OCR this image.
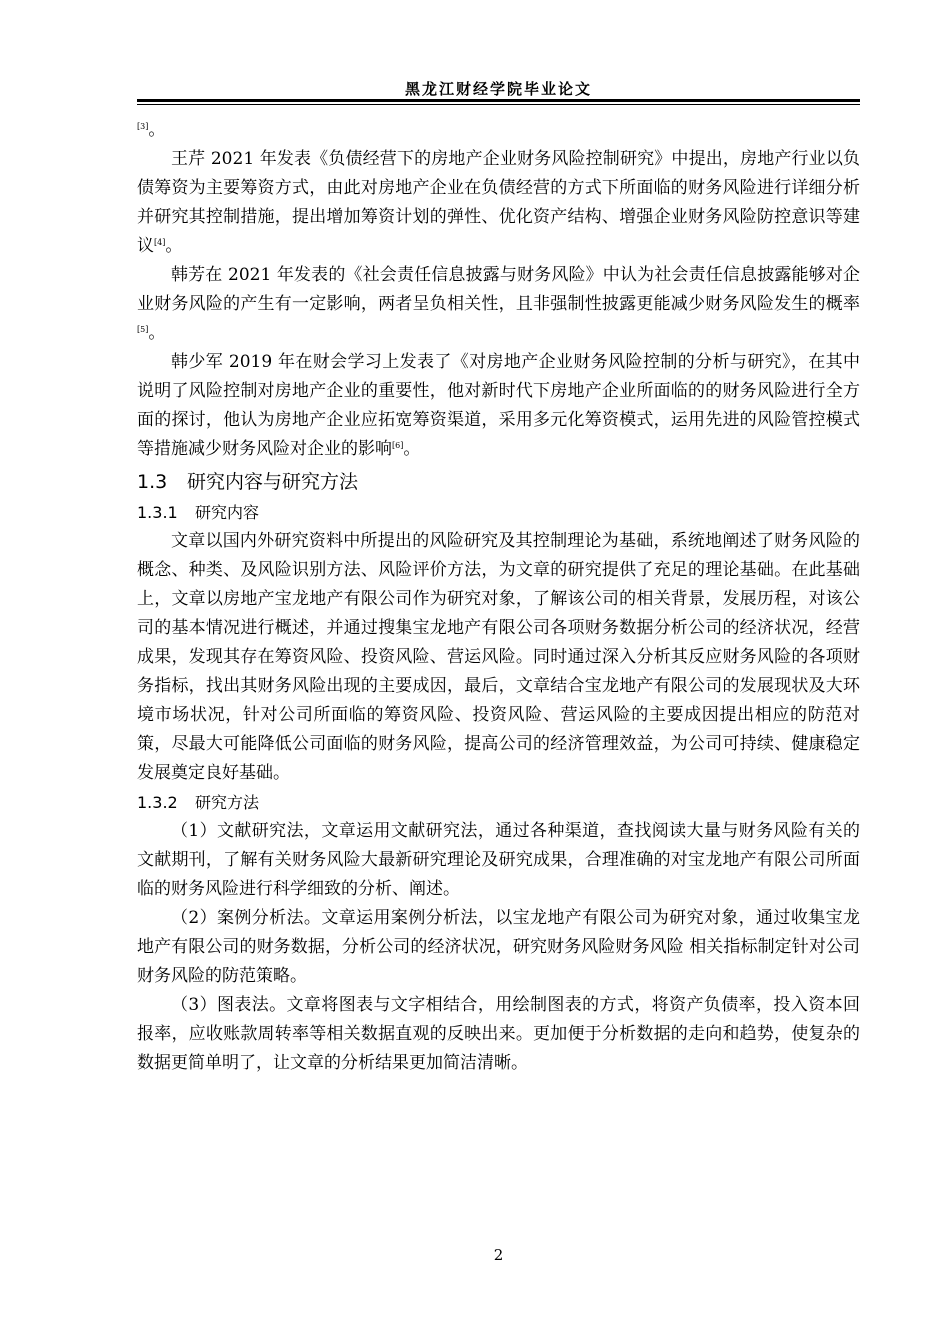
黑龙江财经学院毕业论文

[3]。

王芹 2021 年发表《负债经营下的房地产企业财务风险控制研究》中提出，房地产行业以负债筹资为主要筹资方式，由此对房地产企业在负债经营的方式下所面临的财务风险进行详细分析并研究其控制措施，提出增加筹资计划的弹性、优化资产结构、增强企业财务风险防控意识等建议[4]。

韩芳在 2021 年发表的《社会责任信息披露与财务风险》中认为社会责任信息披露能够对企业财务风险的产生有一定影响，两者呈负相关性，且非强制性披露更能减少财务风险发生的概率[5]。

韩少军 2019 年在财会学习上发表了《对房地产企业财务风险控制的分析与研究》，在其中说明了风险控制对房地产企业的重要性，他对新时代下房地产企业所面临的的财务风险进行全方面的探讨，他认为房地产企业应拓宽筹资渠道，采用多元化筹资模式，运用先进的风险管控模式等措施减少财务风险对企业的影响[6]。

1.3 研究内容与研究方法
1.3.1 研究内容

文章以国内外研究资料中所提出的风险研究及其控制理论为基础，系统地阐述了财务风险的概念、种类、及风险识别方法、风险评价方法，为文章的研究提供了充足的理论基础。在此基础上，文章以房地产宝龙地产有限公司作为研究对象，了解该公司的相关背景，发展历程，对该公司的基本情况进行概述，并通过搜集宝龙地产有限公司各项财务数据分析公司的经济状况，经营成果，发现其存在筹资风险、投资风险、营运风险。同时通过深入分析其反应财务风险的各项财务指标，找出其财务风险出现的主要成因，最后，文章结合宝龙地产有限公司的发展现状及大环境市场状况，针对公司所面临的筹资风险、投资风险、营运风险的主要成因提出相应的防范对策，尽最大可能降低公司面临的财务风险，提高公司的经济管理效益，为公司可持续、健康稳定发展奠定良好基础。

1.3.2 研究方法

（1）文献研究法，文章运用文献研究法，通过各种渠道，查找阅读大量与财务风险有关的文献期刊，了解有关财务风险大最新研究理论及研究成果，合理准确的对宝龙地产有限公司所面临的财务风险进行科学细致的分析、阐述。

（2）案例分析法。文章运用案例分析法，以宝龙地产有限公司为研究对象，通过收集宝龙地产有限公司的财务数据，分析公司的经济状况，研究财务风险财务风险 相关指标制定针对公司财务风险的防范策略。

（3）图表法。文章将图表与文字相结合，用绘制图表的方式，将资产负债率，投入资本回报率，应收账款周转率等相关数据直观的反映出来。更加便于分析数据的走向和趋势，使复杂的数据更简单明了，让文章的分析结果更加简洁清晰。

2
